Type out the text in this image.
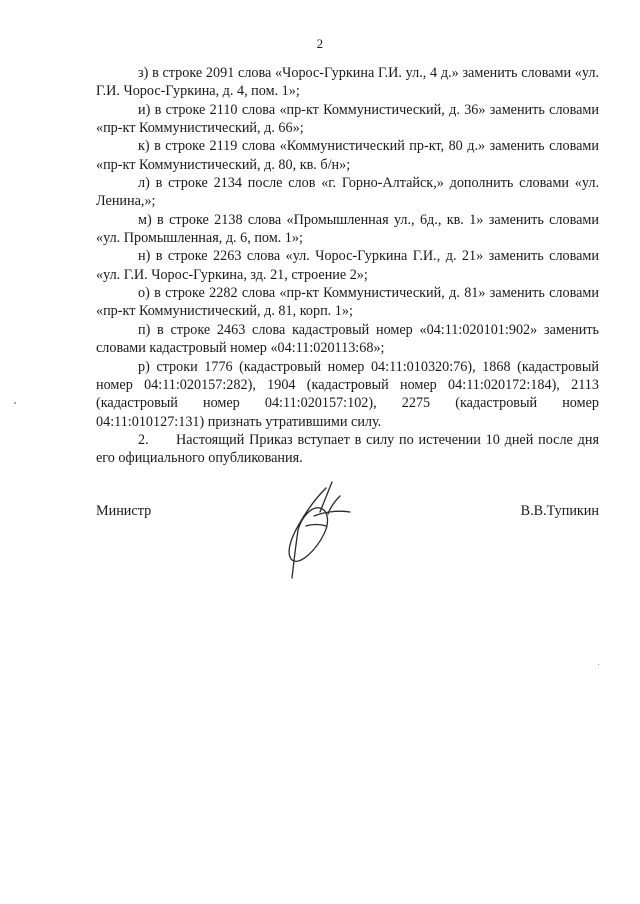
2

з) в строке 2091 слова «Чорос-Гуркина Г.И. ул., 4 д.» заменить словами «ул. Г.И. Чорос-Гуркина, д. 4, пом. 1»;

и) в строке 2110 слова «пр-кт Коммунистический, д. 36» заменить словами «пр-кт Коммунистический, д. 66»;

к) в строке 2119 слова «Коммунистический пр-кт, 80 д.» заменить словами «пр-кт Коммунистический, д. 80, кв. б/н»;

л) в строке 2134 после слов «г. Горно-Алтайск,» дополнить словами «ул. Ленина,»;

м) в строке 2138 слова «Промышленная ул., 6д., кв. 1» заменить словами «ул. Промышленная, д. 6, пом. 1»;

н) в строке 2263 слова «ул. Чорос-Гуркина Г.И., д. 21» заменить словами «ул. Г.И. Чорос-Гуркина, зд. 21, строение 2»;

о) в строке 2282 слова «пр-кт Коммунистический, д. 81» заменить словами «пр-кт Коммунистический, д. 81, корп. 1»;

п) в строке 2463 слова кадастровый номер «04:11:020101:902» заменить словами кадастровый номер «04:11:020113:68»;

р) строки 1776 (кадастровый номер 04:11:010320:76), 1868 (кадастровый номер 04:11:020157:282), 1904 (кадастровый номер 04:11:020172:184), 2113 (кадастровый номер 04:11:020157:102), 2275 (кадастровый номер 04:11:010127:131) признать утратившими силу.

2. Настоящий Приказ вступает в силу по истечении 10 дней после дня его официального опубликования.

Министр	В.В.Тупикин
